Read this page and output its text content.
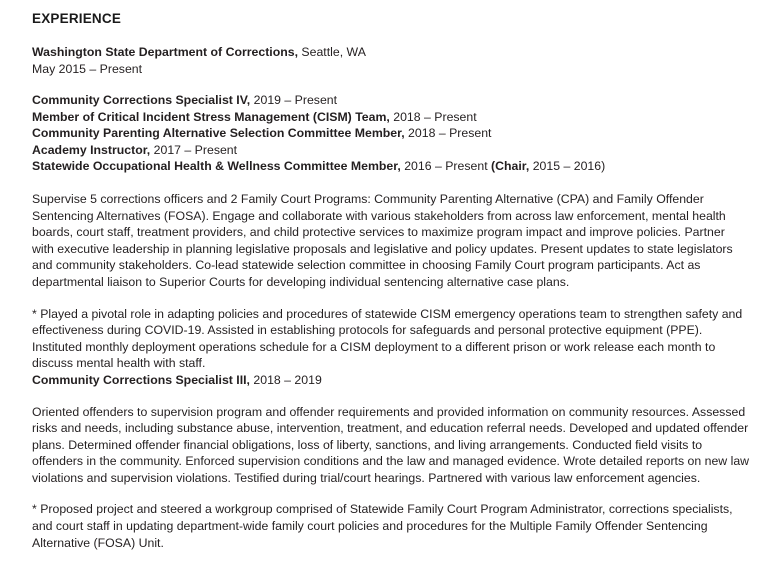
EXPERIENCE

Washington State Department of Corrections, Seattle, WA

May 2015 – Present

Community Corrections Specialist IV, 2019 – Present

Member of Critical Incident Stress Management (CISM) Team, 2018 – Present

Community Parenting Alternative Selection Committee Member, 2018 – Present

Academy Instructor, 2017 – Present

Statewide Occupational Health & Wellness Committee Member, 2016 – Present (Chair, 2015 – 2016)

Supervise 5 corrections officers and 2 Family Court Programs: Community Parenting Alternative (CPA) and Family Offender Sentencing Alternatives (FOSA). Engage and collaborate with various stakeholders from across law enforcement, mental health boards, court staff, treatment providers, and child protective services to maximize program impact and improve policies. Partner with executive leadership in planning legislative proposals and legislative and policy updates. Present updates to state legislators and community stakeholders. Co-lead statewide selection committee in choosing Family Court program participants. Act as departmental liaison to Superior Courts for developing individual sentencing alternative case plans.

* Played a pivotal role in adapting policies and procedures of statewide CISM emergency operations team to strengthen safety and effectiveness during COVID-19. Assisted in establishing protocols for safeguards and personal protective equipment (PPE). Instituted monthly deployment operations schedule for a CISM deployment to a different prison or work release each month to discuss mental health with staff.

Community Corrections Specialist III, 2018 – 2019

Oriented offenders to supervision program and offender requirements and provided information on community resources. Assessed risks and needs, including substance abuse, intervention, treatment, and education referral needs. Developed and updated offender plans. Determined offender financial obligations, loss of liberty, sanctions, and living arrangements. Conducted field visits to offenders in the community. Enforced supervision conditions and the law and managed evidence. Wrote detailed reports on new law violations and supervision violations. Testified during trial/court hearings. Partnered with various law enforcement agencies.

* Proposed project and steered a workgroup comprised of Statewide Family Court Program Administrator, corrections specialists, and court staff in updating department-wide family court policies and procedures for the Multiple Family Offender Sentencing Alternative (FOSA) Unit.
